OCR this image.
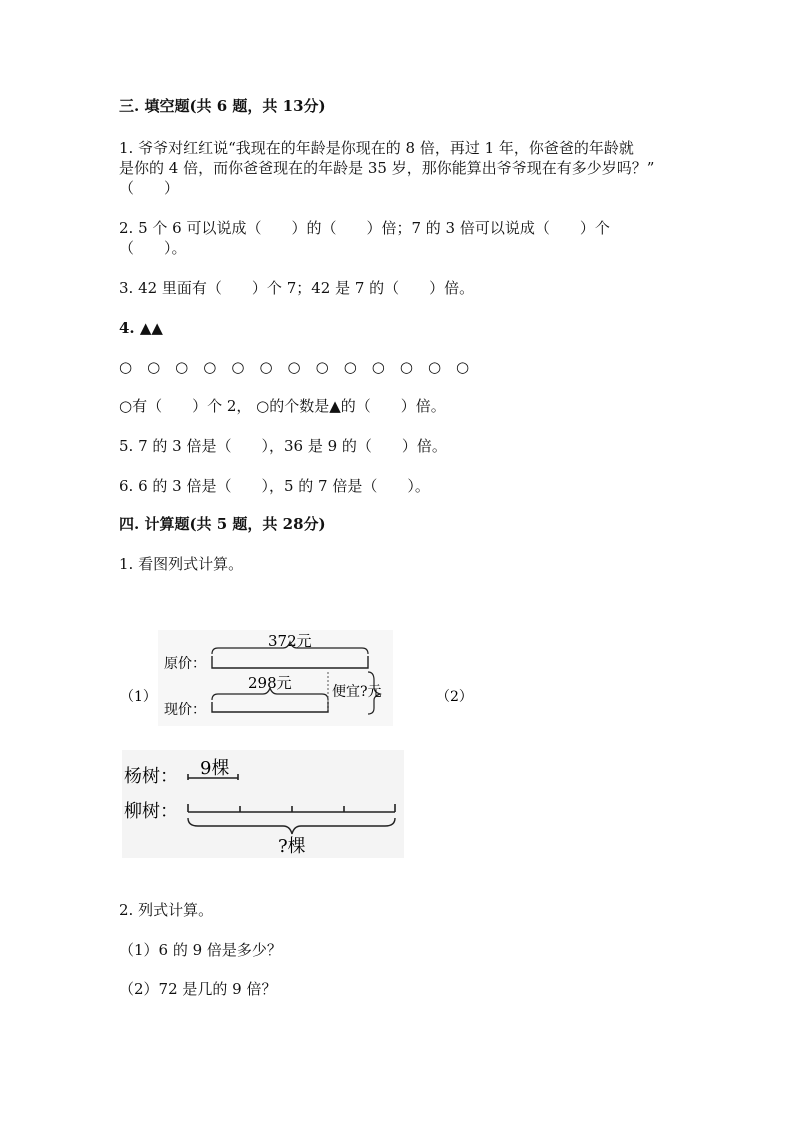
三. 填空题(共 6 题，共 13分)
1. 爷爷对红红说“我现在的年龄是你现在的 8 倍，再过 1 年，你爸爸的年龄就
是你的 4 倍，而你爸爸现在的年龄是 35 岁，那你能算出爷爷现在有多少岁吗？”
（　　）
2. 5 个 6 可以说成（　　）的（　　）倍；7 的 3 倍可以说成（　　）个
（　　）。
3. 42 里面有（　　）个 7；42 是 7 的（　　）倍。
4. ▲▲
○　○　○　○　○　○　○　○　○　○　○　○　○
○有（　　）个 2， ○的个数是▲的（　　）倍。
5. 7 的 3 倍是（　　），36 是 9 的（　　）倍。
6. 6 的 3 倍是（　　），5 的 7 倍是（　　）。
四. 计算题(共 5 题，共 28分)
1. 看图列式计算。
（1）	（2）
372元
原价：
298元
现价：
便宜?元
杨树： 9棵
柳树：
?棵
2. 列式计算。
（1）6 的 9 倍是多少？
（2）72 是几的 9 倍？
